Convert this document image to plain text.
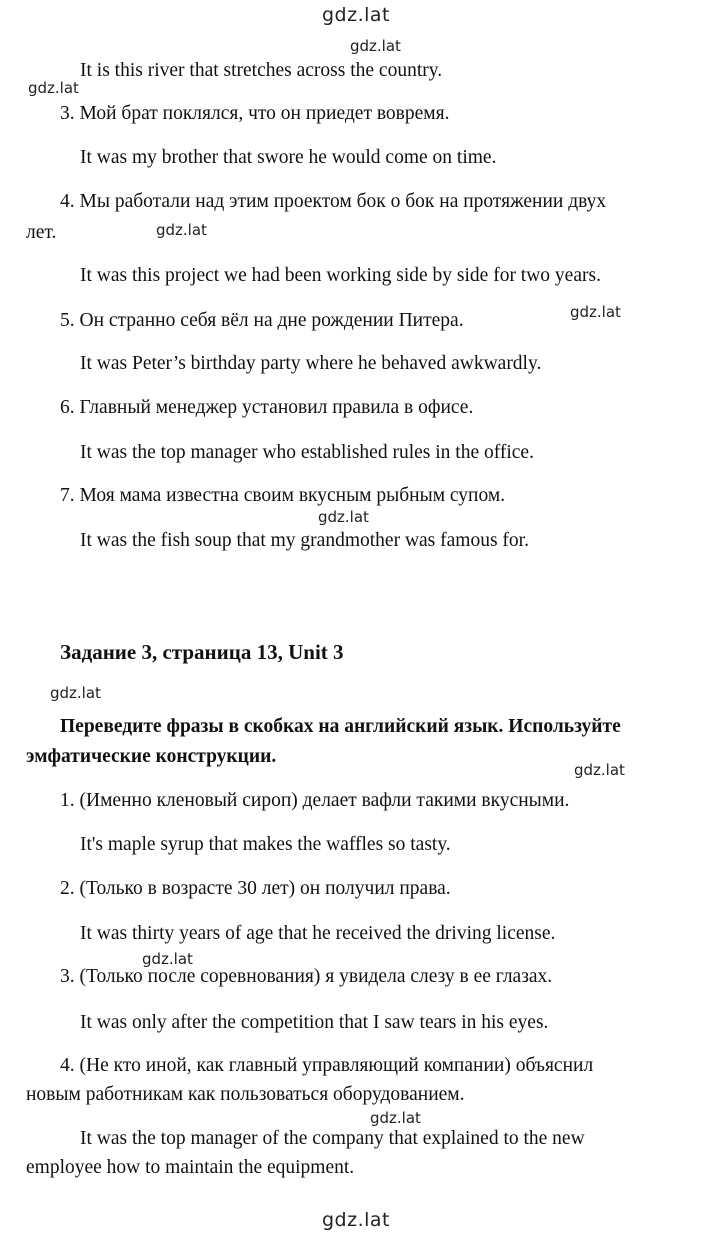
gdz.lat
gdz.lat
gdz.lat
gdz.lat
gdz.lat
gdz.lat
gdz.lat
gdz.lat
gdz.lat
gdz.lat
gdz.lat
It is this river that stretches across the country.
3. Мой брат поклялся, что он приедет вовремя.
It was my brother that swore he would come on time.
4. Мы работали над этим проектом бок о бок на протяжении двух
лет.
It was this project we had been working side by side for two years.
5. Он странно себя вёл на дне рождении Питера.
It was Peter’s birthday party where he behaved awkwardly.
6. Главный менеджер установил правила в офисе.
It was the top manager who established rules in the office.
7. Моя мама известна своим вкусным рыбным супом.
It was the fish soup that my grandmother was famous for.
Задание 3, страница 13, Unit 3
Переведите фразы в скобках на английский язык. Используйте
эмфатические конструкции.
1. (Именно кленовый сироп) делает вафли такими вкусными.
It's maple syrup that makes the waffles so tasty.
2. (Только в возрасте 30 лет) он получил права.
It was thirty years of age that he received the driving license.
3. (Только после соревнования) я увидела слезу в ее глазах.
It was only after the competition that I saw tears in his eyes.
4. (Не кто иной, как главный управляющий компании) объяснил
новым работникам как пользоваться оборудованием.
It was the top manager of the company that explained to the new
employee how to maintain the equipment.
